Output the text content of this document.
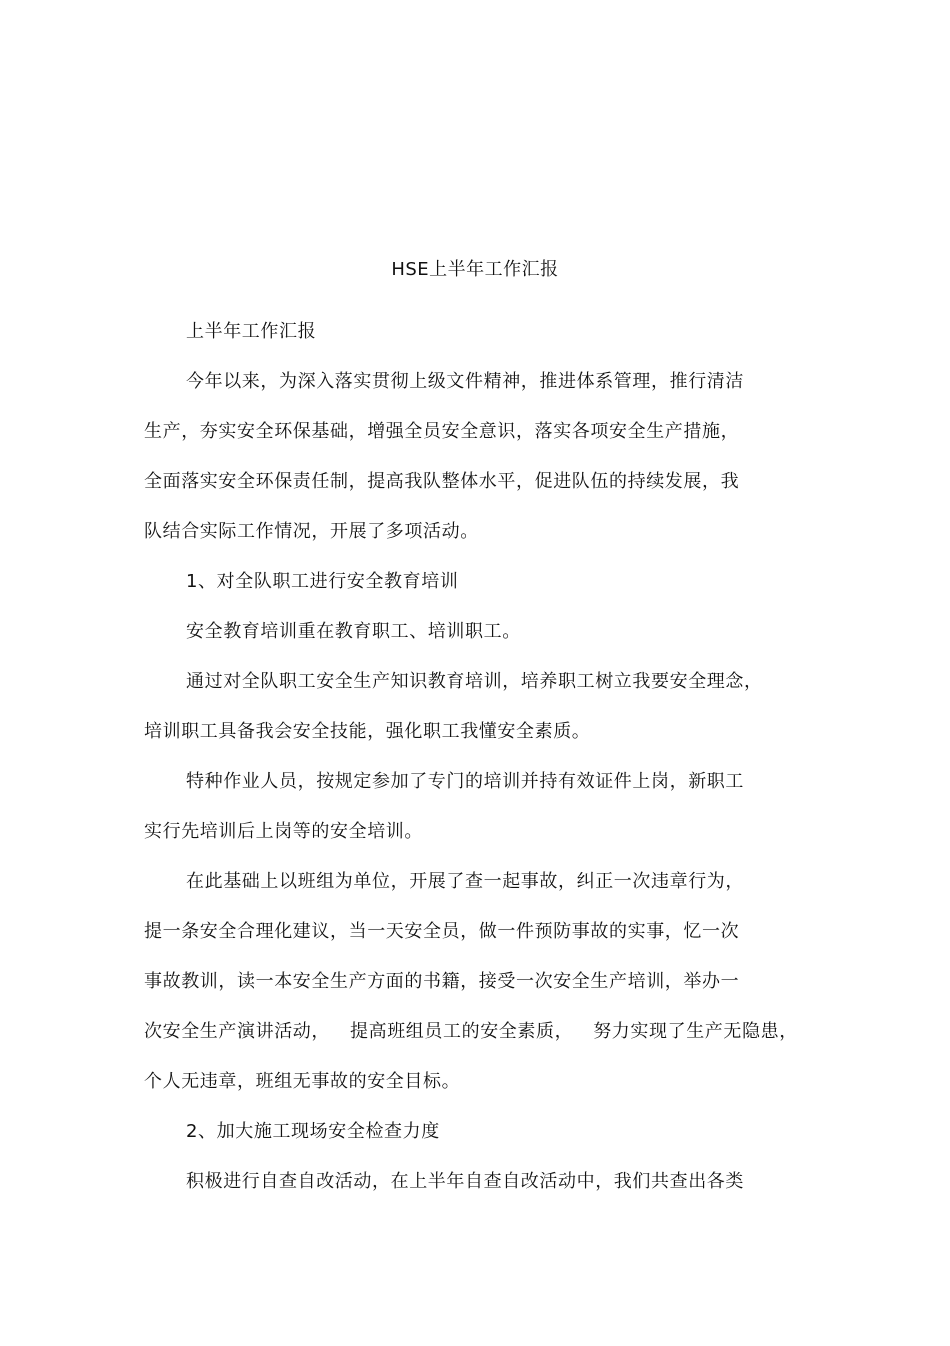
HSE上半年工作汇报
上半年工作汇报
今年以来，为深入落实贯彻上级文件精神，推进体系管理，推行清洁
生产，夯实安全环保基础，增强全员安全意识，落实各项安全生产措施，
全面落实安全环保责任制，提高我队整体水平，促进队伍的持续发展，我
队结合实际工作情况，开展了多项活动。
1、对全队职工进行安全教育培训
安全教育培训重在教育职工、培训职工。
通过对全队职工安全生产知识教育培训，培养职工树立我要安全理念，
培训职工具备我会安全技能，强化职工我懂安全素质。
特种作业人员，按规定参加了专门的培训并持有效证件上岗，新职工
实行先培训后上岗等的安全培训。
在此基础上以班组为单位，开展了查一起事故，纠正一次违章行为，
提一条安全合理化建议，当一天安全员，做一件预防事故的实事，忆一次
事故教训，读一本安全生产方面的书籍，接受一次安全生产培训，举办一
次安全生产演讲活动， 提高班组员工的安全素质， 努力实现了生产无隐患，
个人无违章，班组无事故的安全目标。
2、加大施工现场安全检查力度
积极进行自查自改活动，在上半年自查自改活动中，我们共查出各类
